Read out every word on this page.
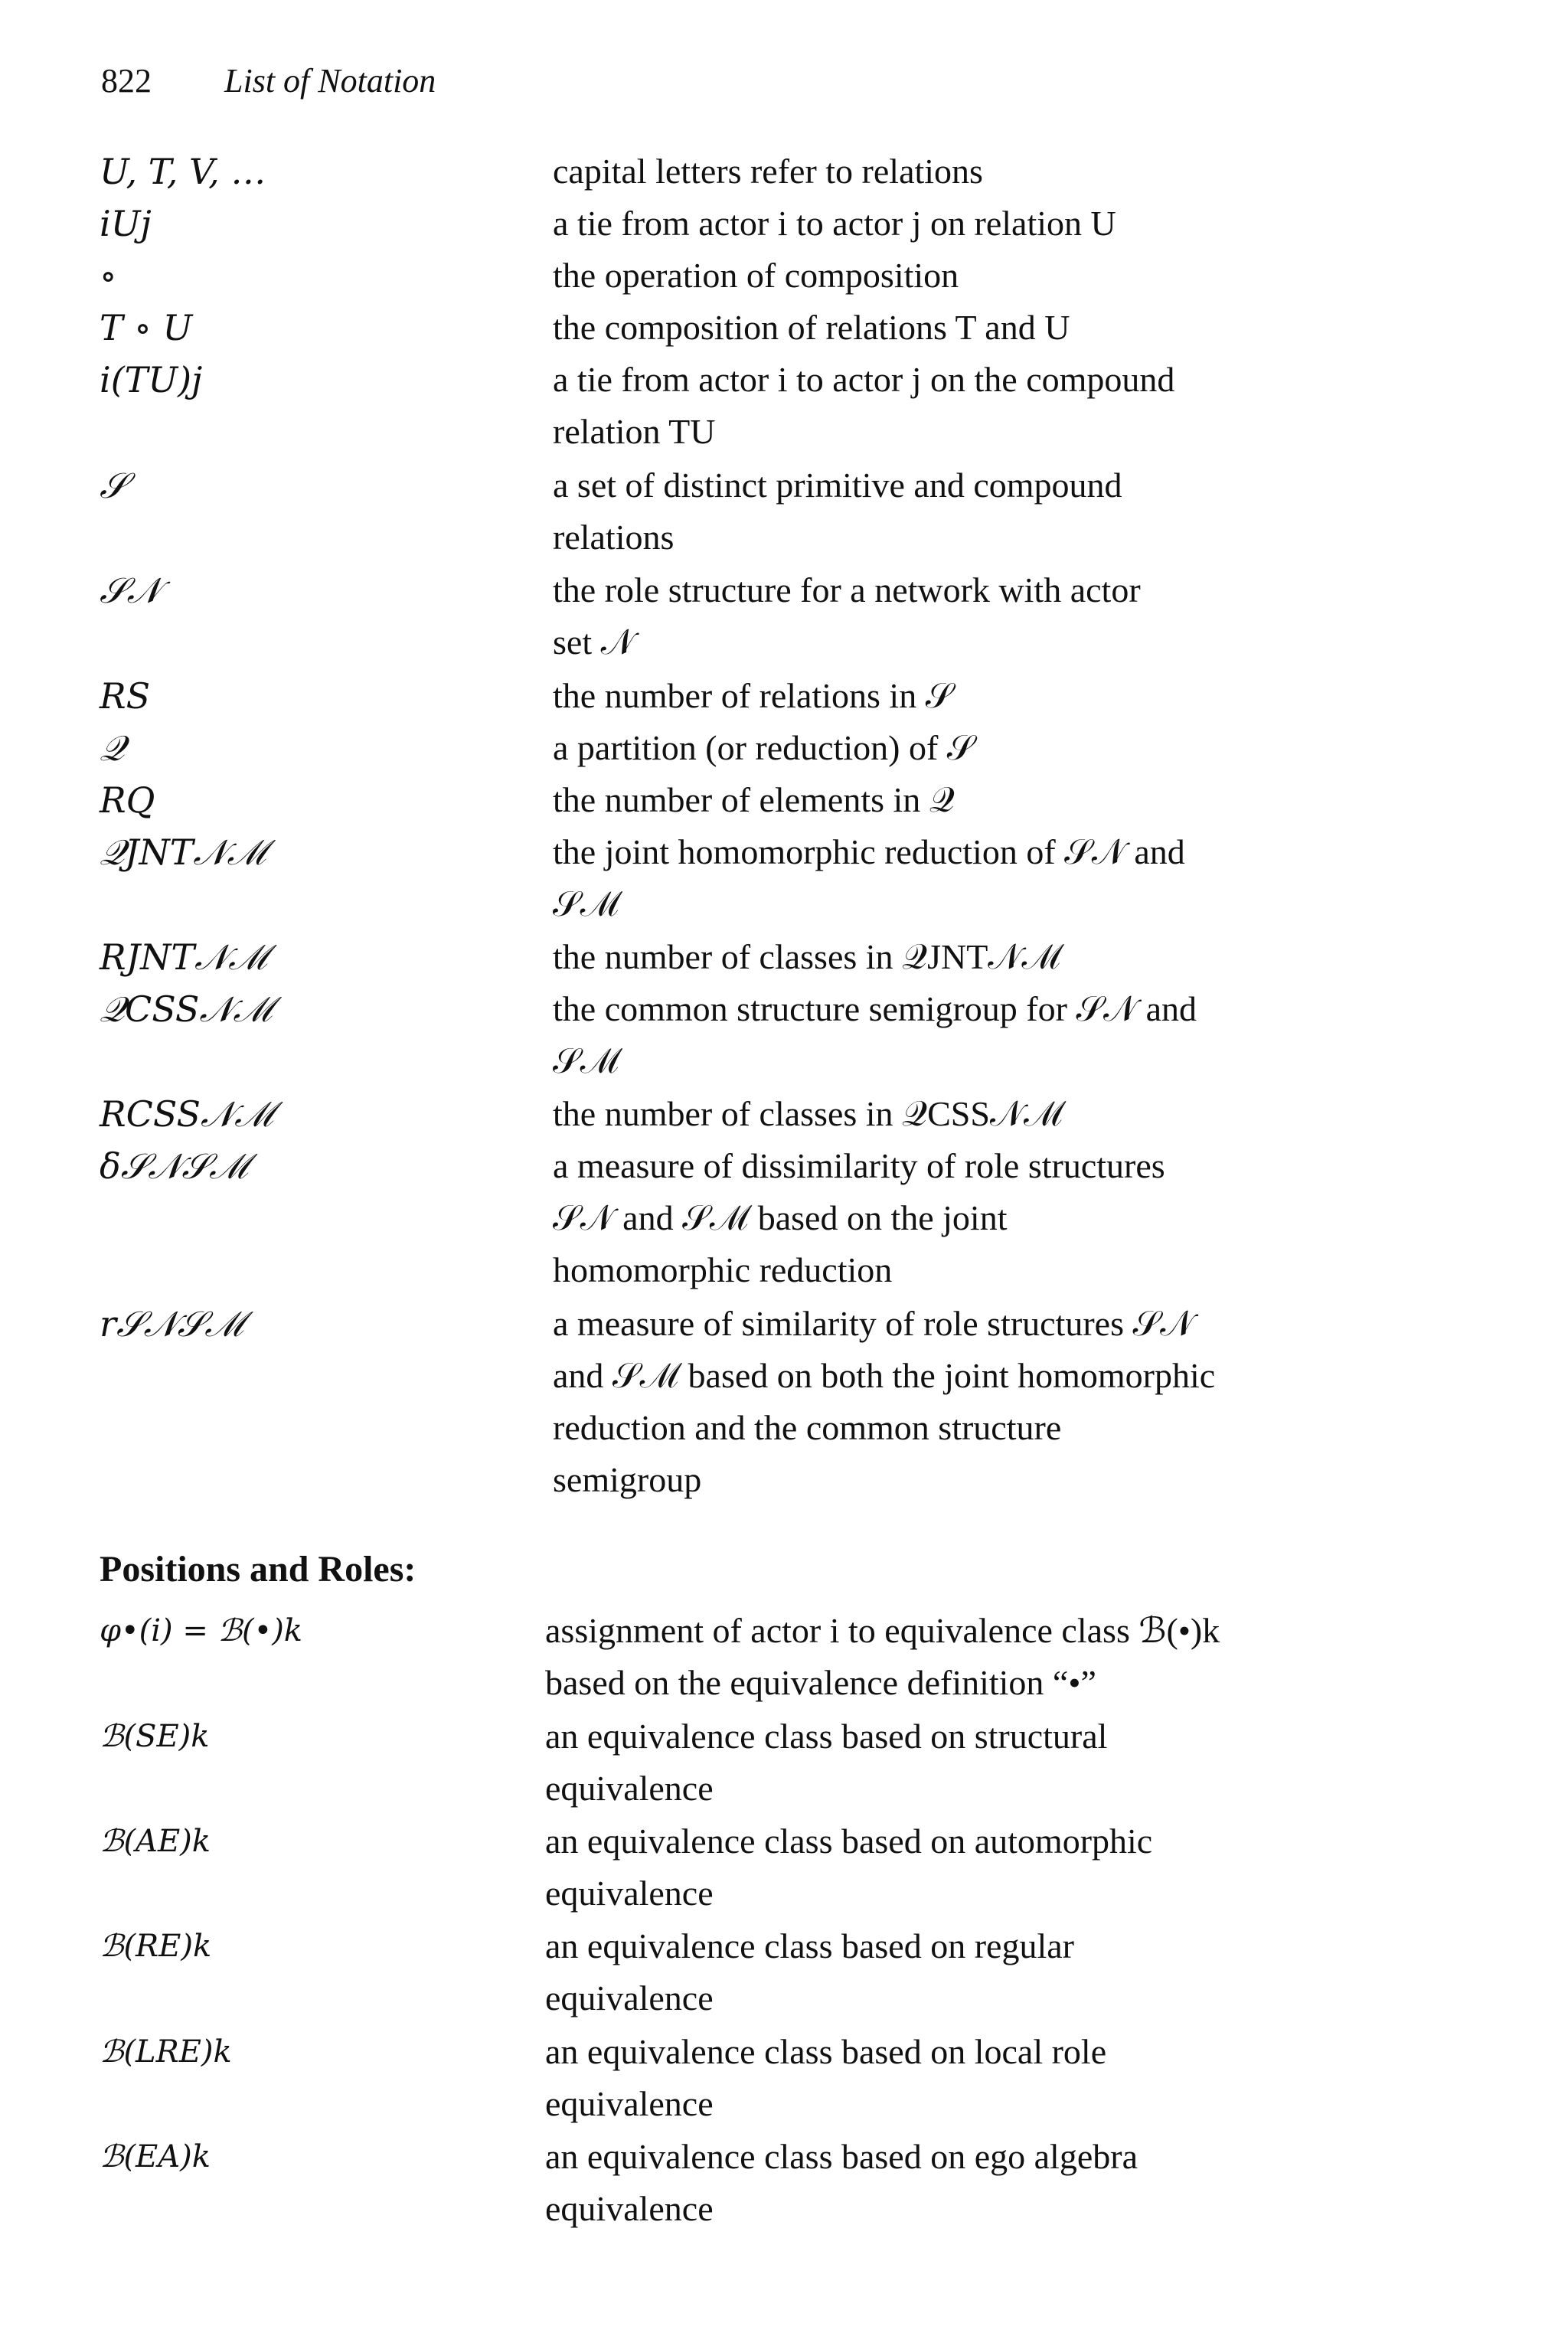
822 List of Notation
U, T, V, …	capital letters refer to relations
iUj	a tie from actor i to actor j on relation U
∘	the operation of composition
T ∘ U	the composition of relations T and U
i(TU)j	a tie from actor i to actor j on the compound
relation TU
𝒮	a set of distinct primitive and compound
relations
𝒮𝒩	the role structure for a network with actor
set 𝒩
RS	the number of relations in 𝒮
𝒬	a partition (or reduction) of 𝒮
RQ	the number of elements in 𝒬
𝒬JNT𝒩ℳ	the joint homomorphic reduction of 𝒮𝒩 and
𝒮ℳ
RJNT𝒩ℳ	the number of classes in 𝒬JNT𝒩ℳ
𝒬CSS𝒩ℳ	the common structure semigroup for 𝒮𝒩 and
𝒮ℳ
RCSS𝒩ℳ	the number of classes in 𝒬CSS𝒩ℳ
δ𝒮𝒩𝒮ℳ	a measure of dissimilarity of role structures
𝒮𝒩 and 𝒮ℳ based on the joint
homomorphic reduction
r𝒮𝒩𝒮ℳ	a measure of similarity of role structures 𝒮𝒩
and 𝒮ℳ based on both the joint homomorphic
reduction and the common structure
semigroup
Positions and Roles:
φ•(i) = ℬ(•)k	assignment of actor i to equivalence class ℬ(•)k
based on the equivalence definition “•”
ℬ(SE)k	an equivalence class based on structural
equivalence
ℬ(AE)k	an equivalence class based on automorphic
equivalence
ℬ(RE)k	an equivalence class based on regular
equivalence
ℬ(LRE)k	an equivalence class based on local role
equivalence
ℬ(EA)k	an equivalence class based on ego algebra
equivalence
